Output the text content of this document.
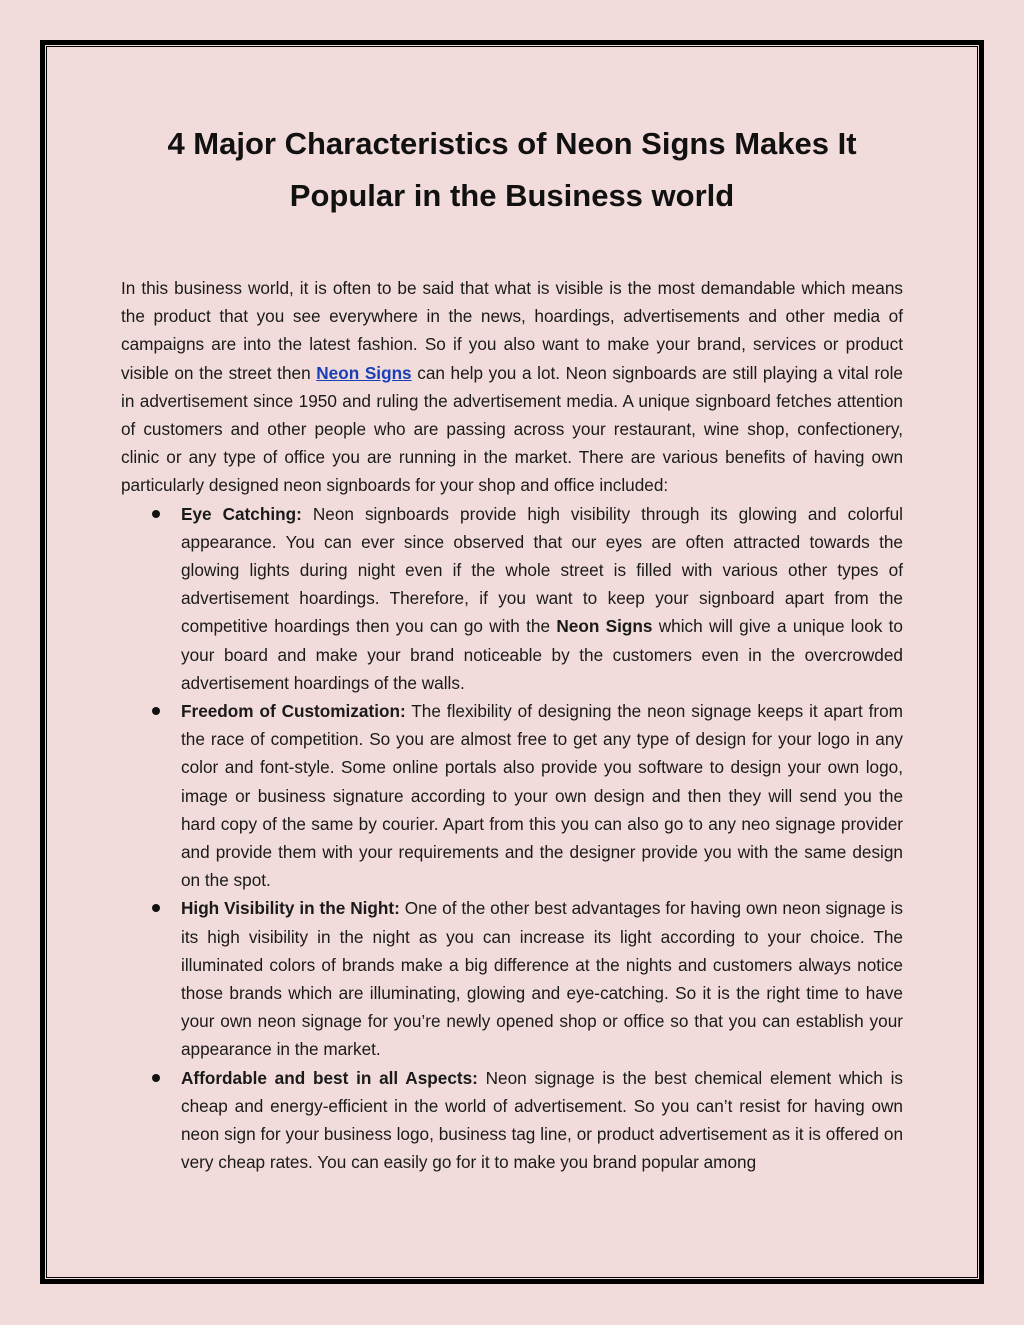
4 Major Characteristics of Neon Signs Makes It Popular in the Business world

In this business world, it is often to be said that what is visible is the most demandable which means the product that you see everywhere in the news, hoardings, advertisements and other media of campaigns are into the latest fashion. So if you also want to make your brand, services or product visible on the street then Neon Signs can help you a lot. Neon signboards are still playing a vital role in advertisement since 1950 and ruling the advertisement media. A unique signboard fetches attention of customers and other people who are passing across your restaurant, wine shop, confectionery, clinic or any type of office you are running in the market. There are various benefits of having own particularly designed neon signboards for your shop and office included:

Eye Catching: Neon signboards provide high visibility through its glowing and colorful appearance. You can ever since observed that our eyes are often attracted towards the glowing lights during night even if the whole street is filled with various other types of advertisement hoardings. Therefore, if you want to keep your signboard apart from the competitive hoardings then you can go with the Neon Signs which will give a unique look to your board and make your brand noticeable by the customers even in the overcrowded advertisement hoardings of the walls.
Freedom of Customization: The flexibility of designing the neon signage keeps it apart from the race of competition. So you are almost free to get any type of design for your logo in any color and font-style. Some online portals also provide you software to design your own logo, image or business signature according to your own design and then they will send you the hard copy of the same by courier. Apart from this you can also go to any neo signage provider and provide them with your requirements and the designer provide you with the same design on the spot.
High Visibility in the Night: One of the other best advantages for having own neon signage is its high visibility in the night as you can increase its light according to your choice. The illuminated colors of brands make a big difference at the nights and customers always notice those brands which are illuminating, glowing and eye-catching. So it is the right time to have your own neon signage for you’re newly opened shop or office so that you can establish your appearance in the market.
Affordable and best in all Aspects: Neon signage is the best chemical element which is cheap and energy-efficient in the world of advertisement. So you can’t resist for having own neon sign for your business logo, business tag line, or product advertisement as it is offered on very cheap rates. You can easily go for it to make you brand popular among
